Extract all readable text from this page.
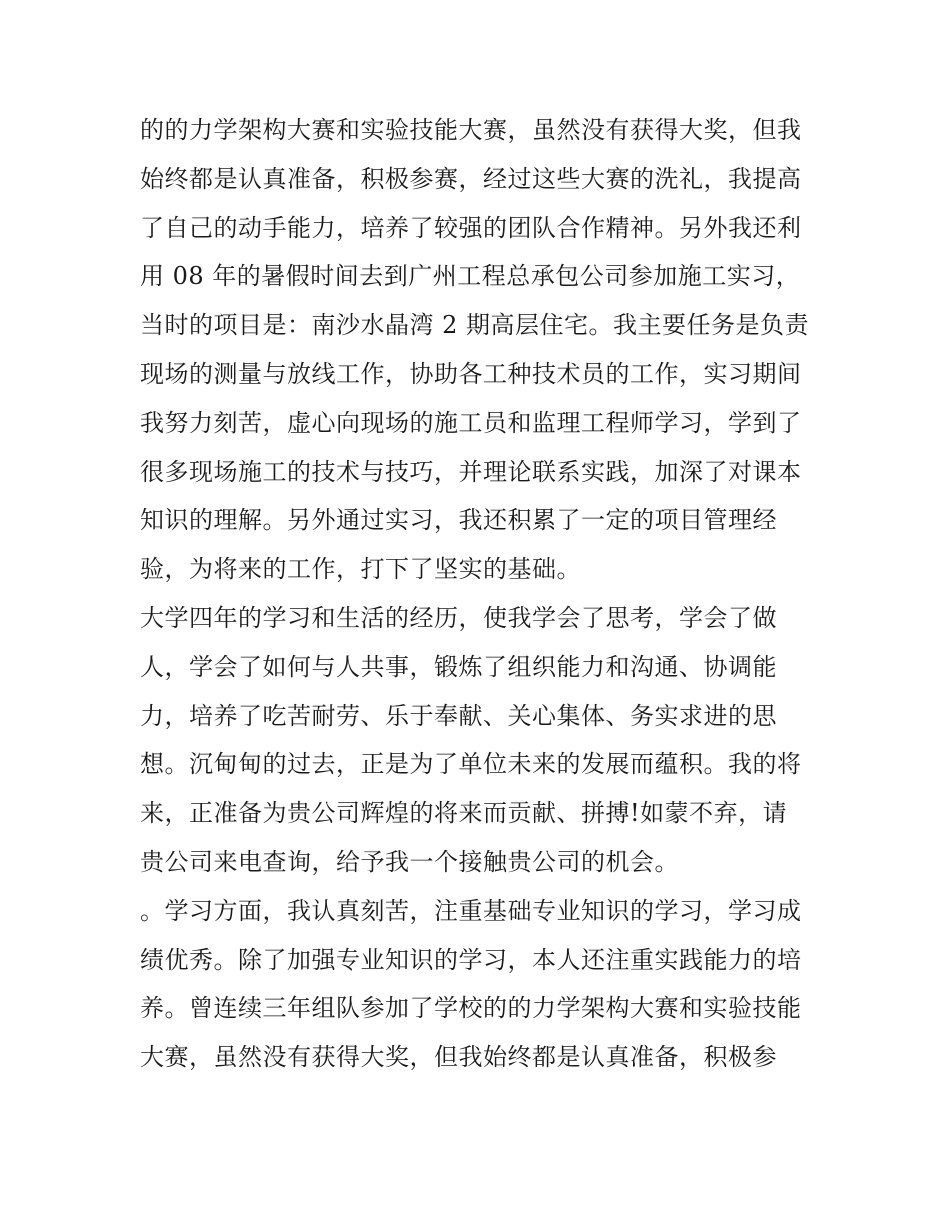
的的力学架构大赛和实验技能大赛，虽然没有获得大奖，但我
始终都是认真准备，积极参赛，经过这些大赛的洗礼，我提高
了自己的动手能力，培养了较强的团队合作精神。另外我还利
用 08 年的暑假时间去到广州工程总承包公司参加施工实习，
当时的项目是：南沙水晶湾 2 期高层住宅。我主要任务是负责
现场的测量与放线工作，协助各工种技术员的工作，实习期间
我努力刻苦，虚心向现场的施工员和监理工程师学习，学到了
很多现场施工的技术与技巧，并理论联系实践，加深了对课本
知识的理解。另外通过实习，我还积累了一定的项目管理经
验，为将来的工作，打下了坚实的基础。
大学四年的学习和生活的经历，使我学会了思考，学会了做
人，学会了如何与人共事，锻炼了组织能力和沟通、协调能
力，培养了吃苦耐劳、乐于奉献、关心集体、务实求进的思
想。沉甸甸的过去，正是为了单位未来的发展而蕴积。我的将
来，正准备为贵公司辉煌的将来而贡献、拼搏!如蒙不弃，请
贵公司来电查询，给予我一个接触贵公司的机会。
。学习方面，我认真刻苦，注重基础专业知识的学习，学习成
绩优秀。除了加强专业知识的学习，本人还注重实践能力的培
养。曾连续三年组队参加了学校的的力学架构大赛和实验技能
大赛，虽然没有获得大奖，但我始终都是认真准备，积极参
